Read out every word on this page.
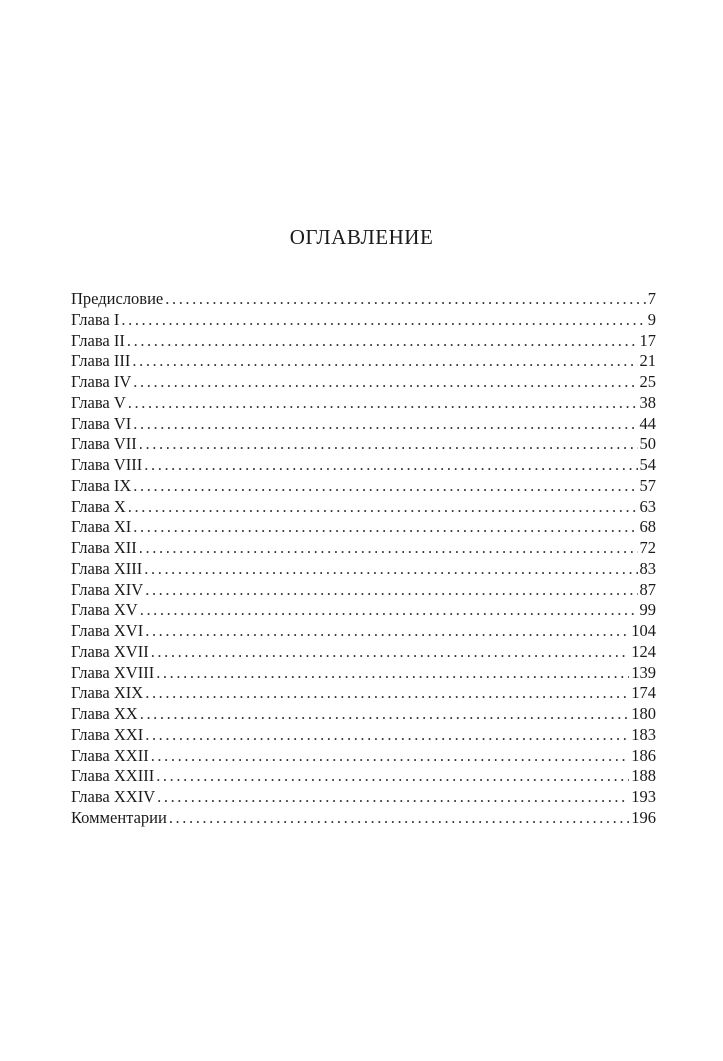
ОГЛАВЛЕНИЕ
Предисловие .....	7
Глава I .....	9
Глава II .....	17
Глава III .....	21
Глава IV .....	25
Глава V .....	38
Глава VI .....	44
Глава VII .....	50
Глава VIII .....	54
Глава IX .....	57
Глава X .....	63
Глава XI .....	68
Глава XII .....	72
Глава XIII .....	83
Глава XIV .....	87
Глава XV .....	99
Глава XVI .....	104
Глава XVII .....	124
Глава XVIII .....	139
Глава XIX .....	174
Глава XX .....	180
Глава XXI .....	183
Глава XXII .....	186
Глава XXIII .....	188
Глава XXIV .....	193
Комментарии .....	196
